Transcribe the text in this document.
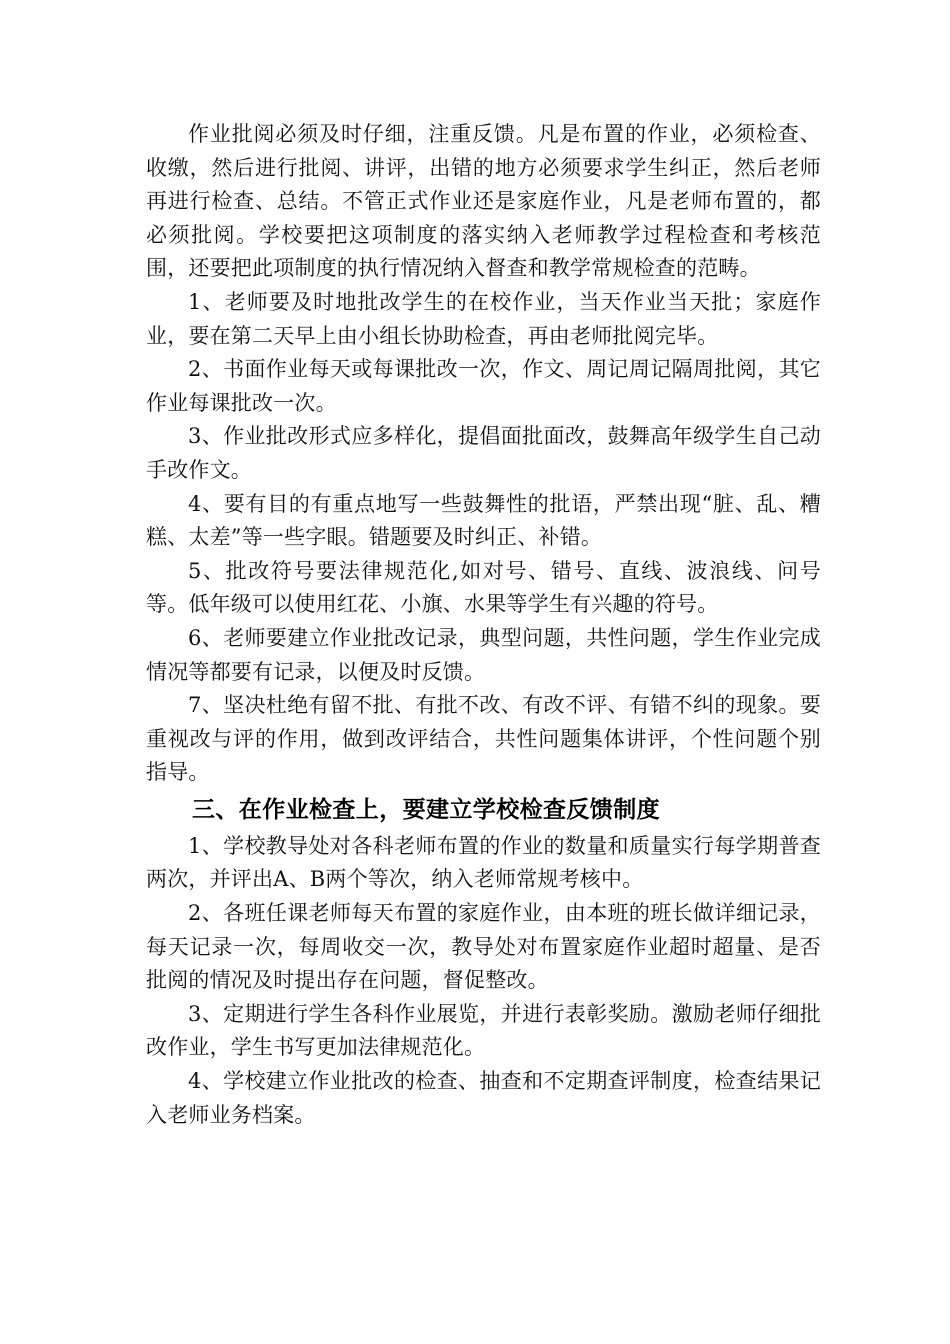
作业批阅必须及时仔细，注重反馈。凡是布置的作业，必须检查、收缴，然后进行批阅、讲评，出错的地方必须要求学生纠正，然后老师再进行检查、总结。不管正式作业还是家庭作业，凡是老师布置的，都必须批阅。学校要把这项制度的落实纳入老师教学过程检查和考核范围，还要把此项制度的执行情况纳入督查和教学常规检查的范畴。

1、老师要及时地批改学生的在校作业，当天作业当天批；家庭作业，要在第二天早上由小组长协助检查，再由老师批阅完毕。

2、书面作业每天或每课批改一次，作文、周记周记隔周批阅，其它作业每课批改一次。

3、作业批改形式应多样化，提倡面批面改，鼓舞高年级学生自己动手改作文。

4、要有目的有重点地写一些鼓舞性的批语，严禁出现“脏、乱、糟糕、太差”等一些字眼。错题要及时纠正、补错。

5、批改符号要法律规范化,如对号、错号、直线、波浪线、问号等。低年级可以使用红花、小旗、水果等学生有兴趣的符号。

6、老师要建立作业批改记录，典型问题，共性问题，学生作业完成情况等都要有记录，以便及时反馈。

7、坚决杜绝有留不批、有批不改、有改不评、有错不纠的现象。要重视改与评的作用，做到改评结合，共性问题集体讲评，个性问题个别指导。

三、在作业检查上，要建立学校检查反馈制度

1、学校教导处对各科老师布置的作业的数量和质量实行每学期普查两次，并评出A、B两个等次，纳入老师常规考核中。

2、各班任课老师每天布置的家庭作业，由本班的班长做详细记录，每天记录一次，每周收交一次，教导处对布置家庭作业超时超量、是否批阅的情况及时提出存在问题，督促整改。

3、定期进行学生各科作业展览，并进行表彰奖励。激励老师仔细批改作业，学生书写更加法律规范化。

4、学校建立作业批改的检查、抽查和不定期查评制度，检查结果记入老师业务档案。
